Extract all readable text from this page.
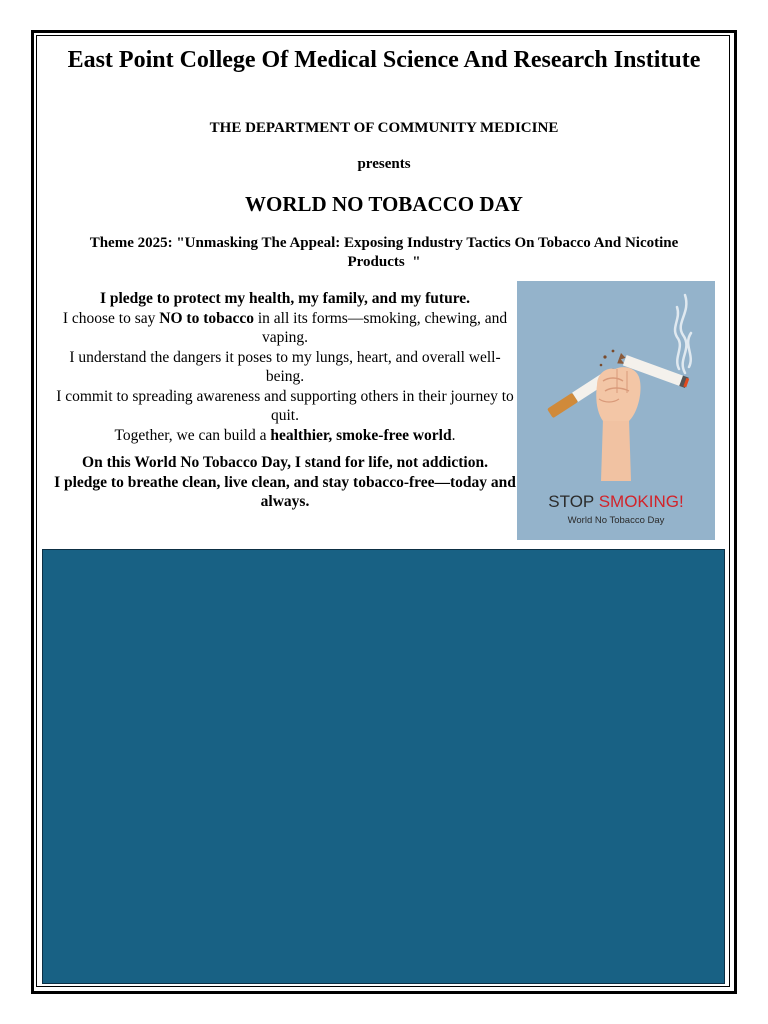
East Point College Of Medical Science And Research Institute
THE DEPARTMENT OF COMMUNITY MEDICINE
presents
WORLD NO TOBACCO DAY
Theme 2025: "Unmasking The Appeal: Exposing Industry Tactics On Tobacco And Nicotine Products  "

I pledge to protect my health, my family, and my future.

I choose to say NO to tobacco in all its forms—smoking, chewing, and vaping.

I understand the dangers it poses to my lungs, heart, and overall well-being.

I commit to spreading awareness and supporting others in their journey to quit.

Together, we can build a healthier, smoke-free world.

On this World No Tobacco Day, I stand for life, not addiction.

I pledge to breathe clean, live clean, and stay tobacco-free—today and always.	STOP SMOKING!
World No Tobacco Day
